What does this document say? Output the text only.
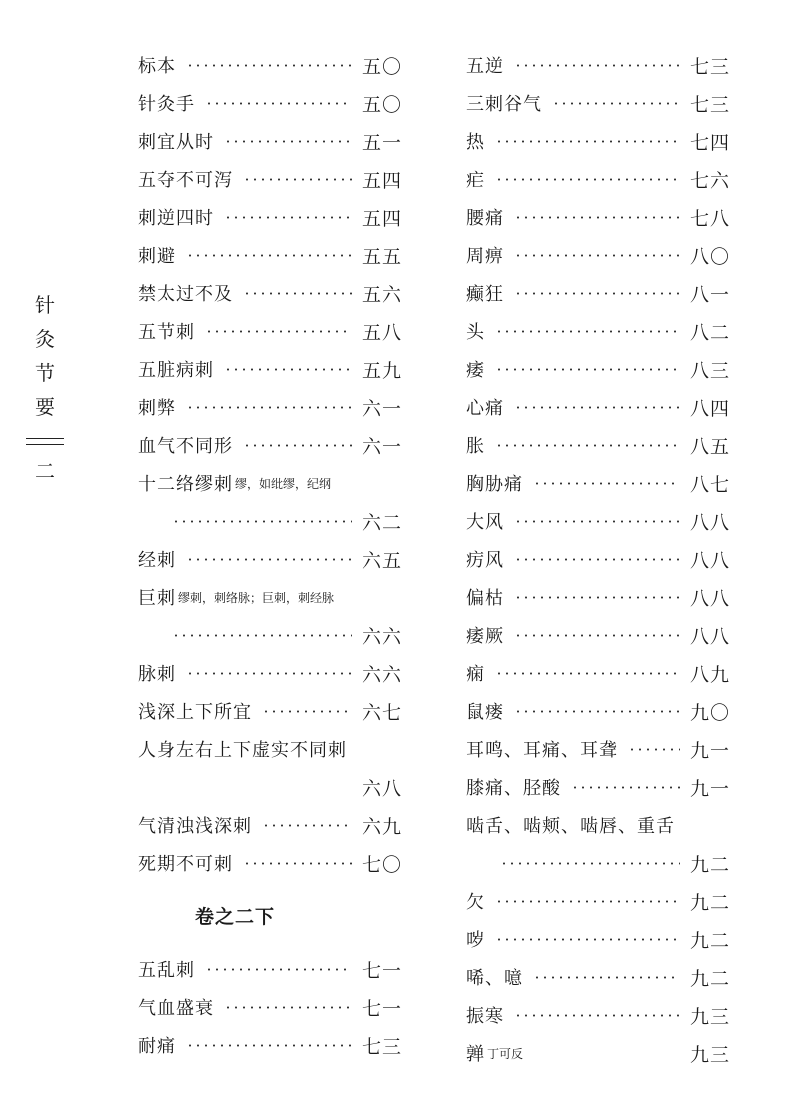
针
灸
节
要
二
标本	五〇
针灸手	五〇
刺宜从时	五一
五夺不可泻	五四
刺逆四时	五四
刺避	五五
禁太过不及	五六
五节刺	五八
五脏病刺	五九
刺弊	六一
血气不同形	六一
十二络缪刺 缪，如纰缪，纪纲
六二
经刺	六五
巨刺 缪刺，刺络脉；巨刺，刺经脉
六六
脉刺	六六
浅深上下所宜	六七
人身左右上下虚实不同刺
六八
气清浊浅深刺	六九
死期不可刺	七〇
卷之二下
五乱刺	七一
气血盛衰	七一
耐痛	七三
五逆	七三
三刺谷气	七三
热	七四
疟	七六
腰痛	七八
周痹	八〇
癫狂	八一
头	八二
痿	八三
心痛	八四
胀	八五
胸胁痛	八七
大风	八八
疠风	八八
偏枯	八八
痿厥	八八
痫	八九
鼠瘘	九〇
耳鸣、耳痛、耳聋	九一
膝痛、胫酸	九一
啮舌、啮颊、啮唇、重舌
九二
欠	九二
哕	九二
唏、噫	九二
振寒	九三
亸 丁可反	九三
